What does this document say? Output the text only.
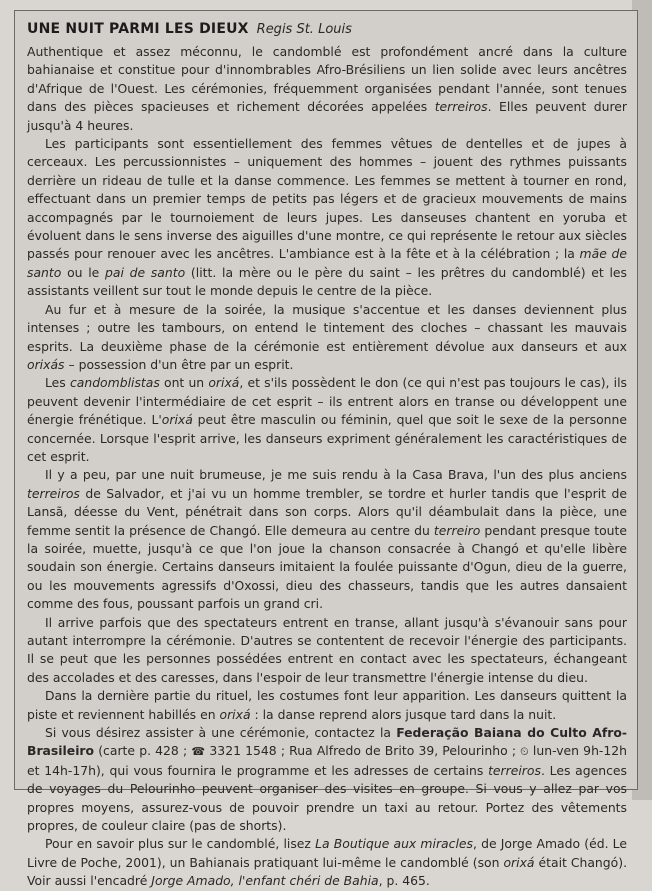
UNE NUIT PARMI LES DIEUX Regis St. Louis

Authentique et assez méconnu, le candomblé est profondément ancré dans la culture bahianaise et constitue pour d'innombrables Afro-Brésiliens un lien solide avec leurs ancêtres d'Afrique de l'Ouest. Les cérémonies, fréquemment organisées pendant l'année, sont tenues dans des pièces spacieuses et richement décorées appelées terreiros. Elles peuvent durer jusqu'à 4 heures.

Les participants sont essentiellement des femmes vêtues de dentelles et de jupes à cerceaux. Les percussionnistes – uniquement des hommes – jouent des rythmes puissants derrière un rideau de tulle et la danse commence. Les femmes se mettent à tourner en rond, effectuant dans un premier temps de petits pas légers et de gracieux mouvements de mains accompagnés par le tournoiement de leurs jupes. Les danseuses chantent en yoruba et évoluent dans le sens inverse des aiguilles d'une montre, ce qui représente le retour aux siècles passés pour renouer avec les ancêtres. L'ambiance est à la fête et à la célébration ; la mãe de santo ou le pai de santo (litt. la mère ou le père du saint – les prêtres du candomblé) et les assistants veillent sur tout le monde depuis le centre de la pièce.

Au fur et à mesure de la soirée, la musique s'accentue et les danses deviennent plus intenses ; outre les tambours, on entend le tintement des cloches – chassant les mauvais esprits. La deuxième phase de la cérémonie est entièrement dévolue aux danseurs et aux orixás – possession d'un être par un esprit.

Les candomblistas ont un orixá, et s'ils possèdent le don (ce qui n'est pas toujours le cas), ils peuvent devenir l'intermédiaire de cet esprit – ils entrent alors en transe ou développent une énergie frénétique. L'orixá peut être masculin ou féminin, quel que soit le sexe de la personne concernée. Lorsque l'esprit arrive, les danseurs expriment généralement les caractéristiques de cet esprit.

Il y a peu, par une nuit brumeuse, je me suis rendu à la Casa Brava, l'un des plus anciens terreiros de Salvador, et j'ai vu un homme trembler, se tordre et hurler tandis que l'esprit de Lansã, déesse du Vent, pénétrait dans son corps. Alors qu'il déambulait dans la pièce, une femme sentit la présence de Changó. Elle demeura au centre du terreiro pendant presque toute la soirée, muette, jusqu'à ce que l'on joue la chanson consacrée à Changó et qu'elle libère soudain son énergie. Certains danseurs imitaient la foulée puissante d'Ogun, dieu de la guerre, ou les mouvements agressifs d'Oxossi, dieu des chasseurs, tandis que les autres dansaient comme des fous, poussant parfois un grand cri.

Il arrive parfois que des spectateurs entrent en transe, allant jusqu'à s'évanouir sans pour autant interrompre la cérémonie. D'autres se contentent de recevoir l'énergie des participants. Il se peut que les personnes possédées entrent en contact avec les spectateurs, échangeant des accolades et des caresses, dans l'espoir de leur transmettre l'énergie intense du dieu.

Dans la dernière partie du rituel, les costumes font leur apparition. Les danseurs quittent la piste et reviennent habillés en orixá : la danse reprend alors jusque tard dans la nuit.

Si vous désirez assister à une cérémonie, contactez la Federação Baiana do Culto Afro-Brasileiro (carte p. 428 ; ☎ 3321 1548 ; Rua Alfredo de Brito 39, Pelourinho ; ⏲ lun-ven 9h-12h et 14h-17h), qui vous fournira le programme et les adresses de certains terreiros. Les agences de voyages du Pelourinho peuvent organiser des visites en groupe. Si vous y allez par vos propres moyens, assurez-vous de pouvoir prendre un taxi au retour. Portez des vêtements propres, de couleur claire (pas de shorts).

Pour en savoir plus sur le candomblé, lisez La Boutique aux miracles, de Jorge Amado (éd. Le Livre de Poche, 2001), un Bahianais pratiquant lui-même le candomblé (son orixá était Changó). Voir aussi l'encadré Jorge Amado, l'enfant chéri de Bahia, p. 465.
